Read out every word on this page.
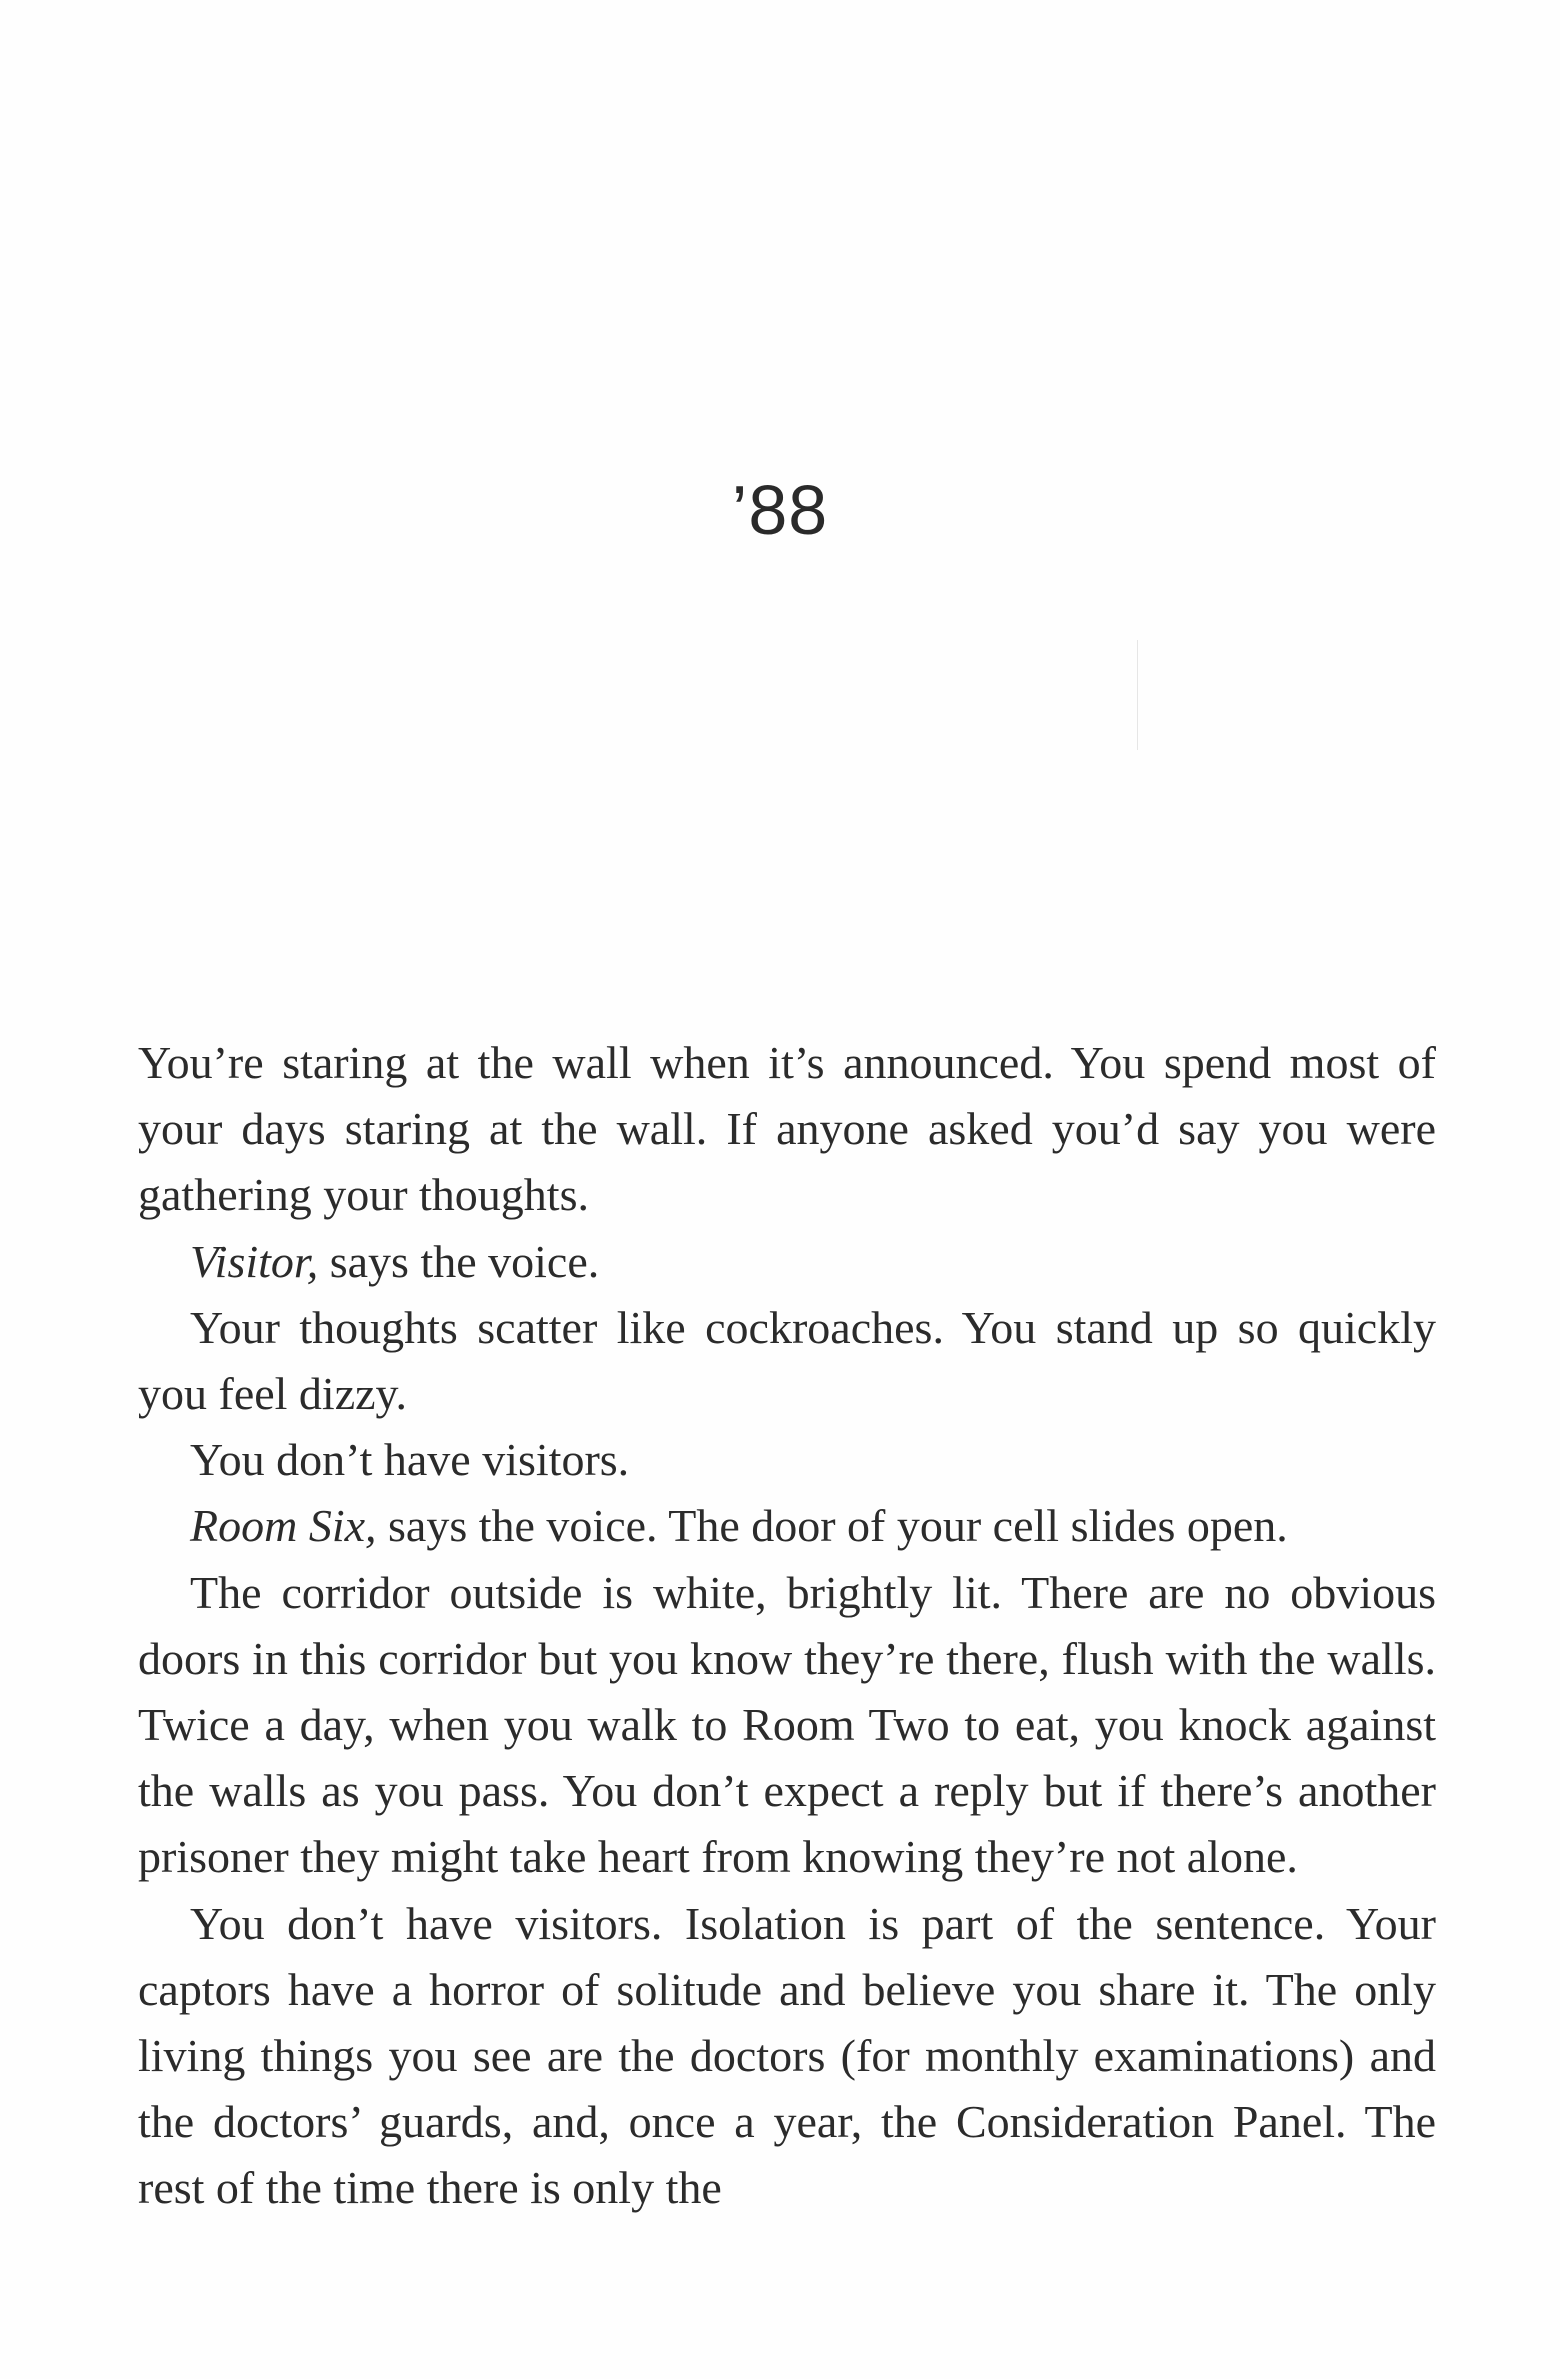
’88

You’re staring at the wall when it’s announced. You spend most of your days staring at the wall. If anyone asked you’d say you were gathering your thoughts.

Visitor, says the voice.

Your thoughts scatter like cockroaches. You stand up so quickly you feel dizzy.

You don’t have visitors.

Room Six, says the voice. The door of your cell slides open.

The corridor outside is white, brightly lit. There are no obvious doors in this corridor but you know they’re there, flush with the walls. Twice a day, when you walk to Room Two to eat, you knock against the walls as you pass. You don’t expect a reply but if there’s another prisoner they might take heart from knowing they’re not alone.

You don’t have visitors. Isolation is part of the sentence. Your captors have a horror of solitude and believe you share it. The only living things you see are the doctors (for monthly examinations) and the doctors’ guards, and, once a year, the Consideration Panel. The rest of the time there is only the
